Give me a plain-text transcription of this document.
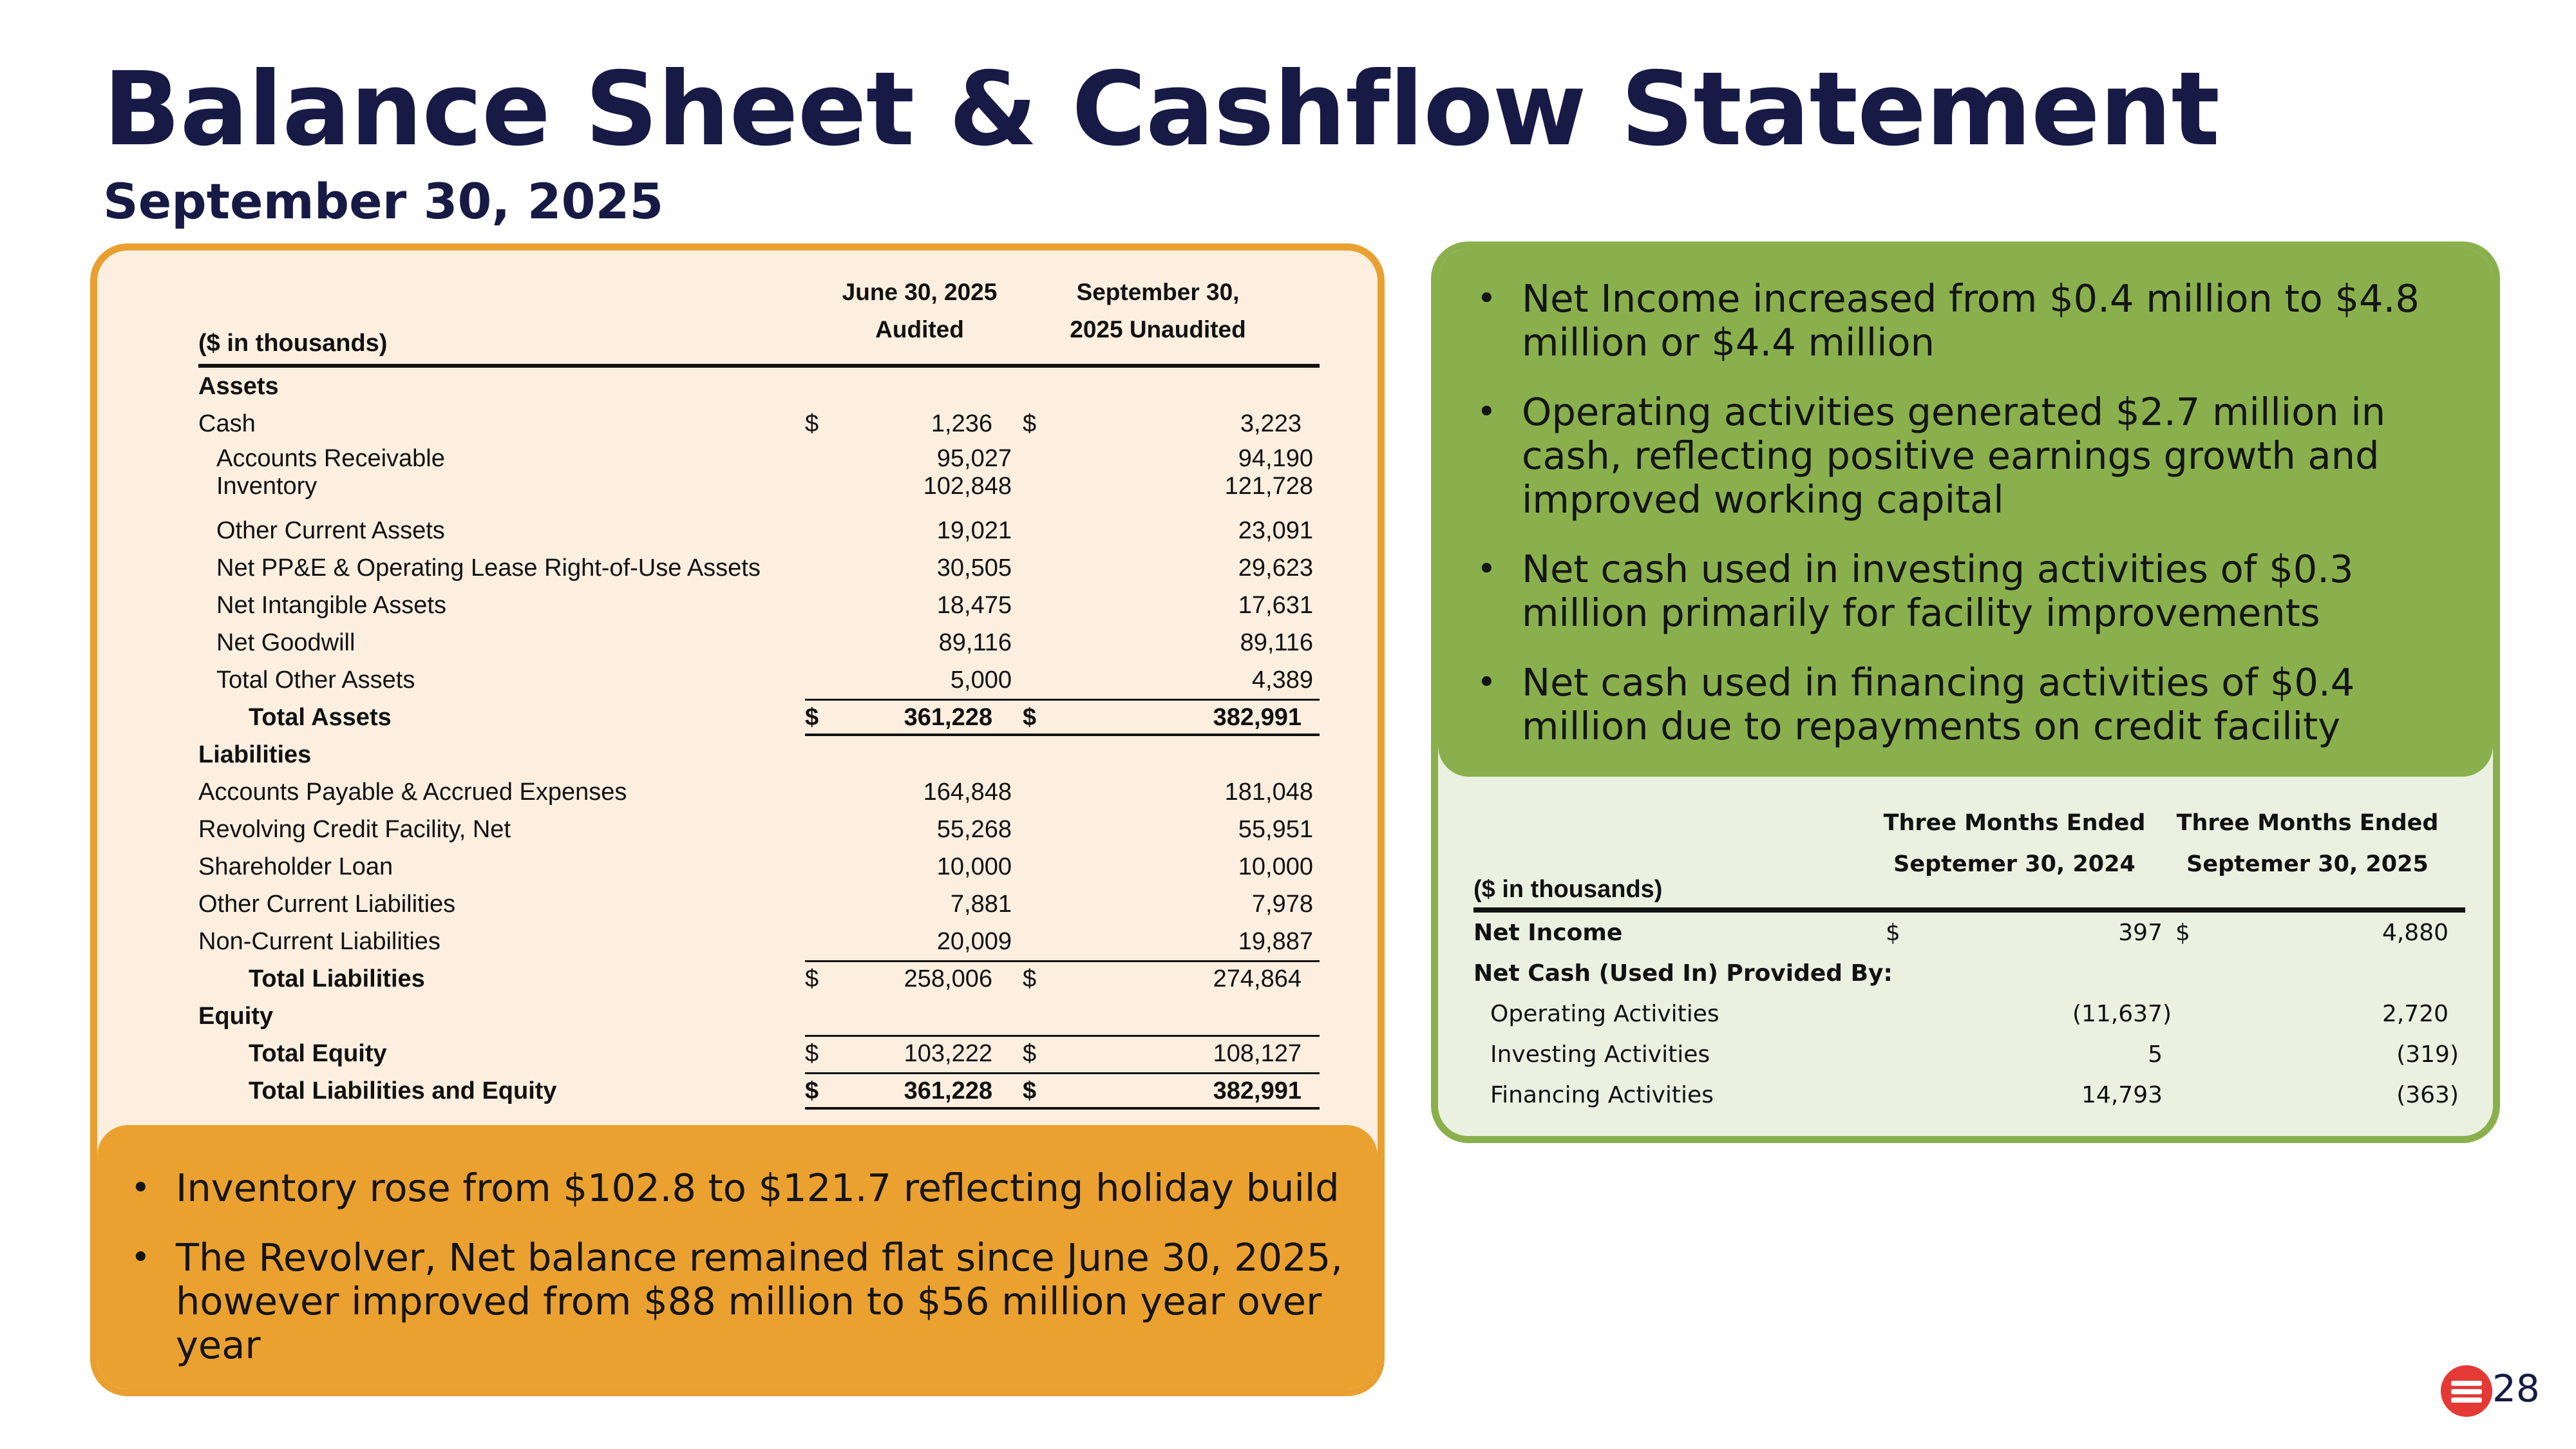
Balance Sheet & Cashflow Statement
September 30, 2025
($ in thousands)
June 30, 2025
Audited
September 30,
2025 Unaudited
Assets
Cash	$	1,236 $	3,223
Accounts Receivable	95,027	94,190
Inventory	102,848	121,728
Other Current Assets	19,021	23,091
Net PP&E & Operating Lease Right-of-Use Assets	30,505	29,623
Net Intangible Assets	18,475	17,631
Net Goodwill	89,116	89,116
Total Other Assets	5,000	4,389
Total Assets	$	361,228 $	382,991
Liabilities
Accounts Payable & Accrued Expenses	164,848	181,048
Revolving Credit Facility, Net	55,268	55,951
Shareholder Loan	10,000	10,000
Other Current Liabilities	7,881	7,978
Non-Current Liabilities	20,009	19,887
Total Liabilities	$	258,006 $	274,864
Equity
Total Equity	$	103,222 $	108,127
Total Liabilities and Equity	$	361,228 $	382,991
• Inventory rose from $102.8 to $121.7 reflecting holiday build
• The Revolver, Net balance remained flat since June 30, 2025, however improved from $88 million to $56 million year over year
• Net Income increased from $0.4 million to $4.8 million or $4.4 million
• Operating activities generated $2.7 million in cash, reflecting positive earnings growth and improved working capital
• Net cash used in investing activities of $0.3 million primarily for facility improvements
• Net cash used in financing activities of $0.4 million due to repayments on credit facility
($ in thousands)
Three Months Ended
Septemer 30, 2024
Three Months Ended
Septemer 30, 2025
Net Income	$	397 $	4,880
Net Cash (Used In) Provided By:
Operating Activities	(11,637)	2,720
Investing Activities	5	(319)
Financing Activities	14,793	(363)
28
